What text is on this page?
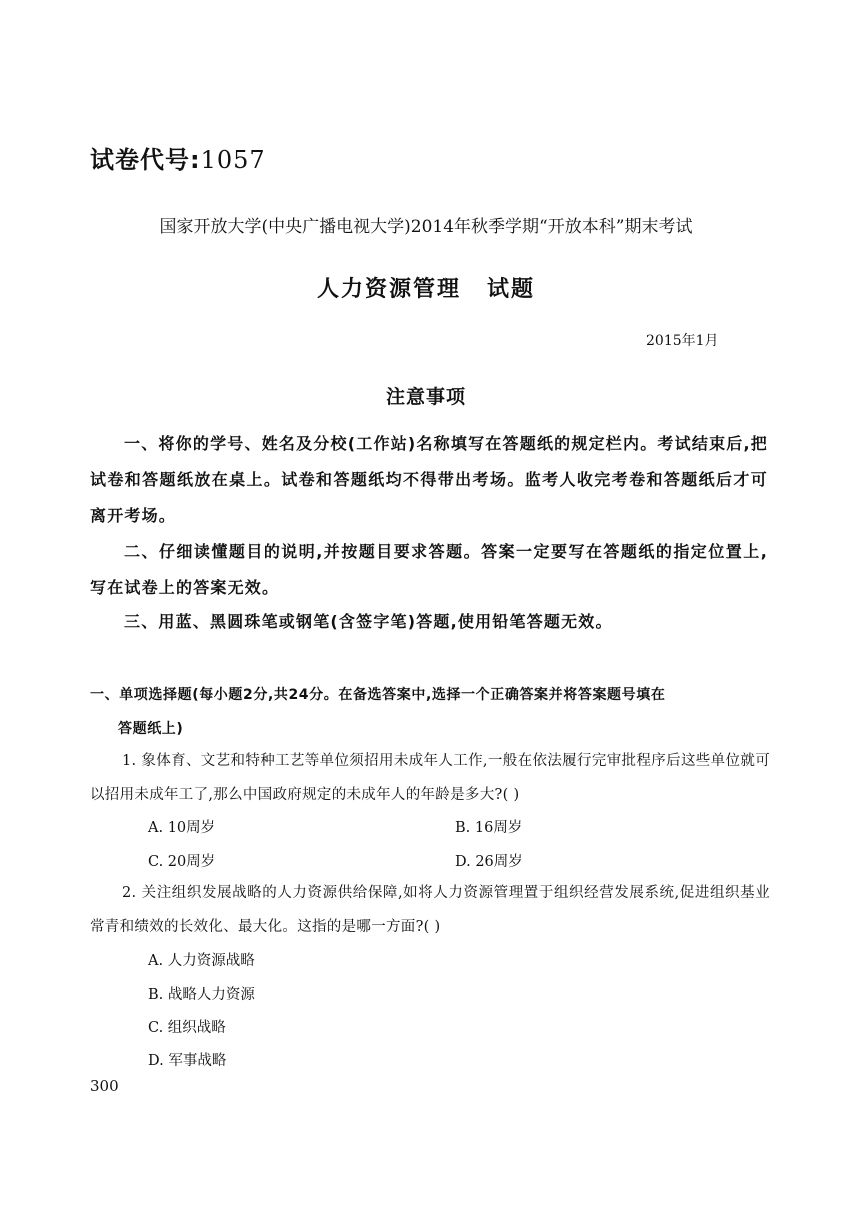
试卷代号:1057
国家开放大学(中央广播电视大学)2014年秋季学期“开放本科”期末考试
人力资源管理 试题
2015年1月
注意事项
一、将你的学号、姓名及分校(工作站)名称填写在答题纸的规定栏内。考试结束后,把试卷和答题纸放在桌上。试卷和答题纸均不得带出考场。监考人收完考卷和答题纸后才可离开考场。
二、仔细读懂题目的说明,并按题目要求答题。答案一定要写在答题纸的指定位置上,写在试卷上的答案无效。
三、用蓝、黑圆珠笔或钢笔(含签字笔)答题,使用铅笔答题无效。
一、单项选择题(每小题2分,共24分。在备选答案中,选择一个正确答案并将答案题号填在
答题纸上)
1. 象体育、文艺和特种工艺等单位须招用未成年人工作,一般在依法履行完审批程序后这些单位就可以招用未成年工了,那么中国政府规定的未成年人的年龄是多大?( )
A. 10周岁	B. 16周岁
C. 20周岁	D. 26周岁
2. 关注组织发展战略的人力资源供给保障,如将人力资源管理置于组织经营发展系统,促进组织基业常青和绩效的长效化、最大化。这指的是哪一方面?( )
A. 人力资源战略
B. 战略人力资源
C. 组织战略
D. 军事战略
300
